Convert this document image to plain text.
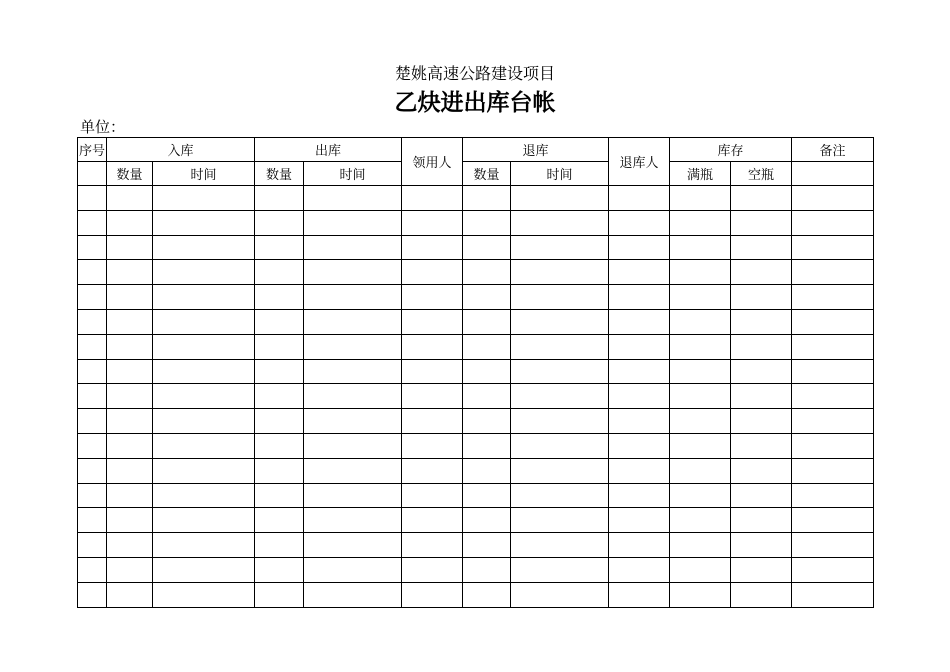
楚姚高速公路建设项目
乙炔进出库台帐
单位：
序号	入库		出库		领用人	退库		退库人	库存		备注
	数量	时间	数量	时间		数量	时间		满瓶	空瓶	
